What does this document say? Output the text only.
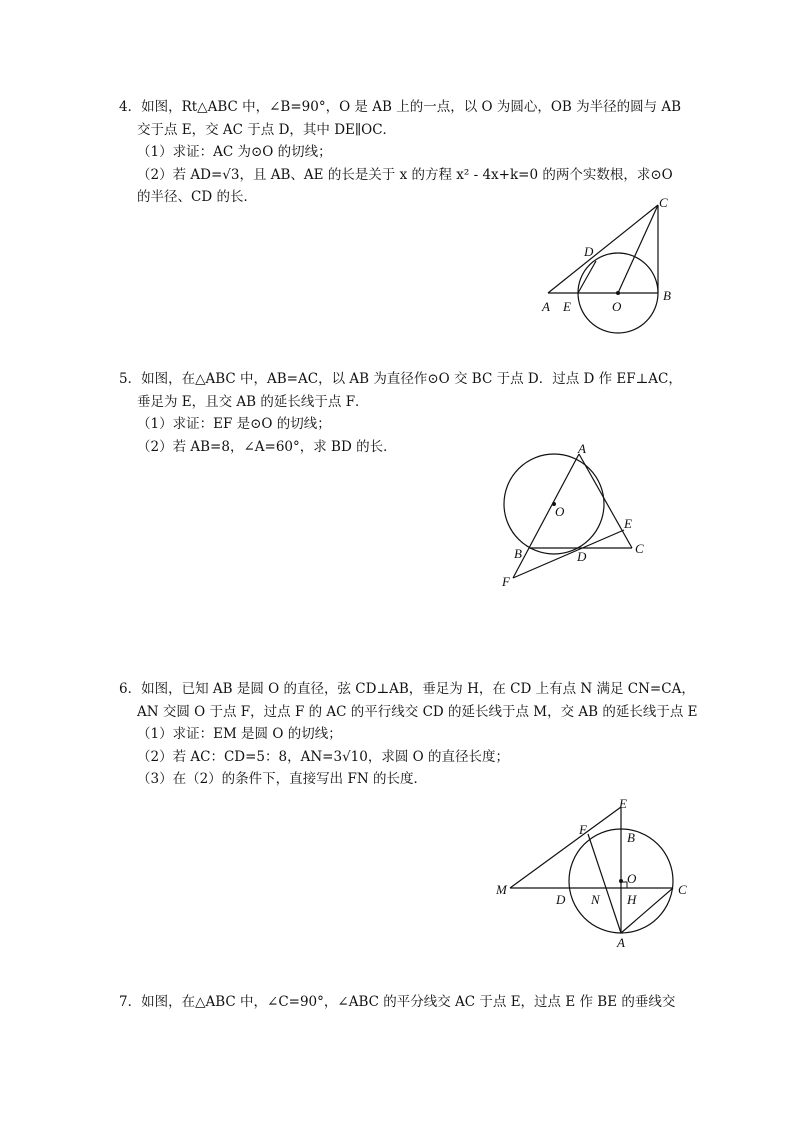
4．如图，Rt△ABC 中，∠B=90°，O 是 AB 上的一点，以 O 为圆心，OB 为半径的圆与 AB
交于点 E，交 AC 于点 D，其中 DE∥OC．
（1）求证：AC 为⊙O 的切线；
（2）若 AD=√3，且 AB、AE 的长是关于 x 的方程 x² - 4x+k=0 的两个实数根，求⊙O
的半径、CD 的长．
A
B
C
D
E	O
5．如图，在△ABC 中，AB=AC，以 AB 为直径作⊙O 交 BC 于点 D．过点 D 作 EF⊥AC，
垂足为 E，且交 AB 的延长线于点 F．
（1）求证：EF 是⊙O 的切线；
（2）若 AB=8，∠A=60°，求 BD 的长．	A
B	C
D
E
F
O
6．如图，已知 AB 是圆 O 的直径，弦 CD⊥AB，垂足为 H，在 CD 上有点 N 满足 CN=CA，
AN 交圆 O 于点 F，过点 F 的 AC 的平行线交 CD 的延长线于点 M，交 AB 的延长线于点 E
（1）求证：EM 是圆 O 的切线；
（2）若 AC：CD=5：8，AN=3√10，求圆 O 的直径长度；
（3）在（2）的条件下，直接写出 FN 的长度．
E
F
B
O
C
M
D N H
A
7．如图，在△ABC 中，∠C=90°，∠ABC 的平分线交 AC 于点 E，过点 E 作 BE 的垂线交
